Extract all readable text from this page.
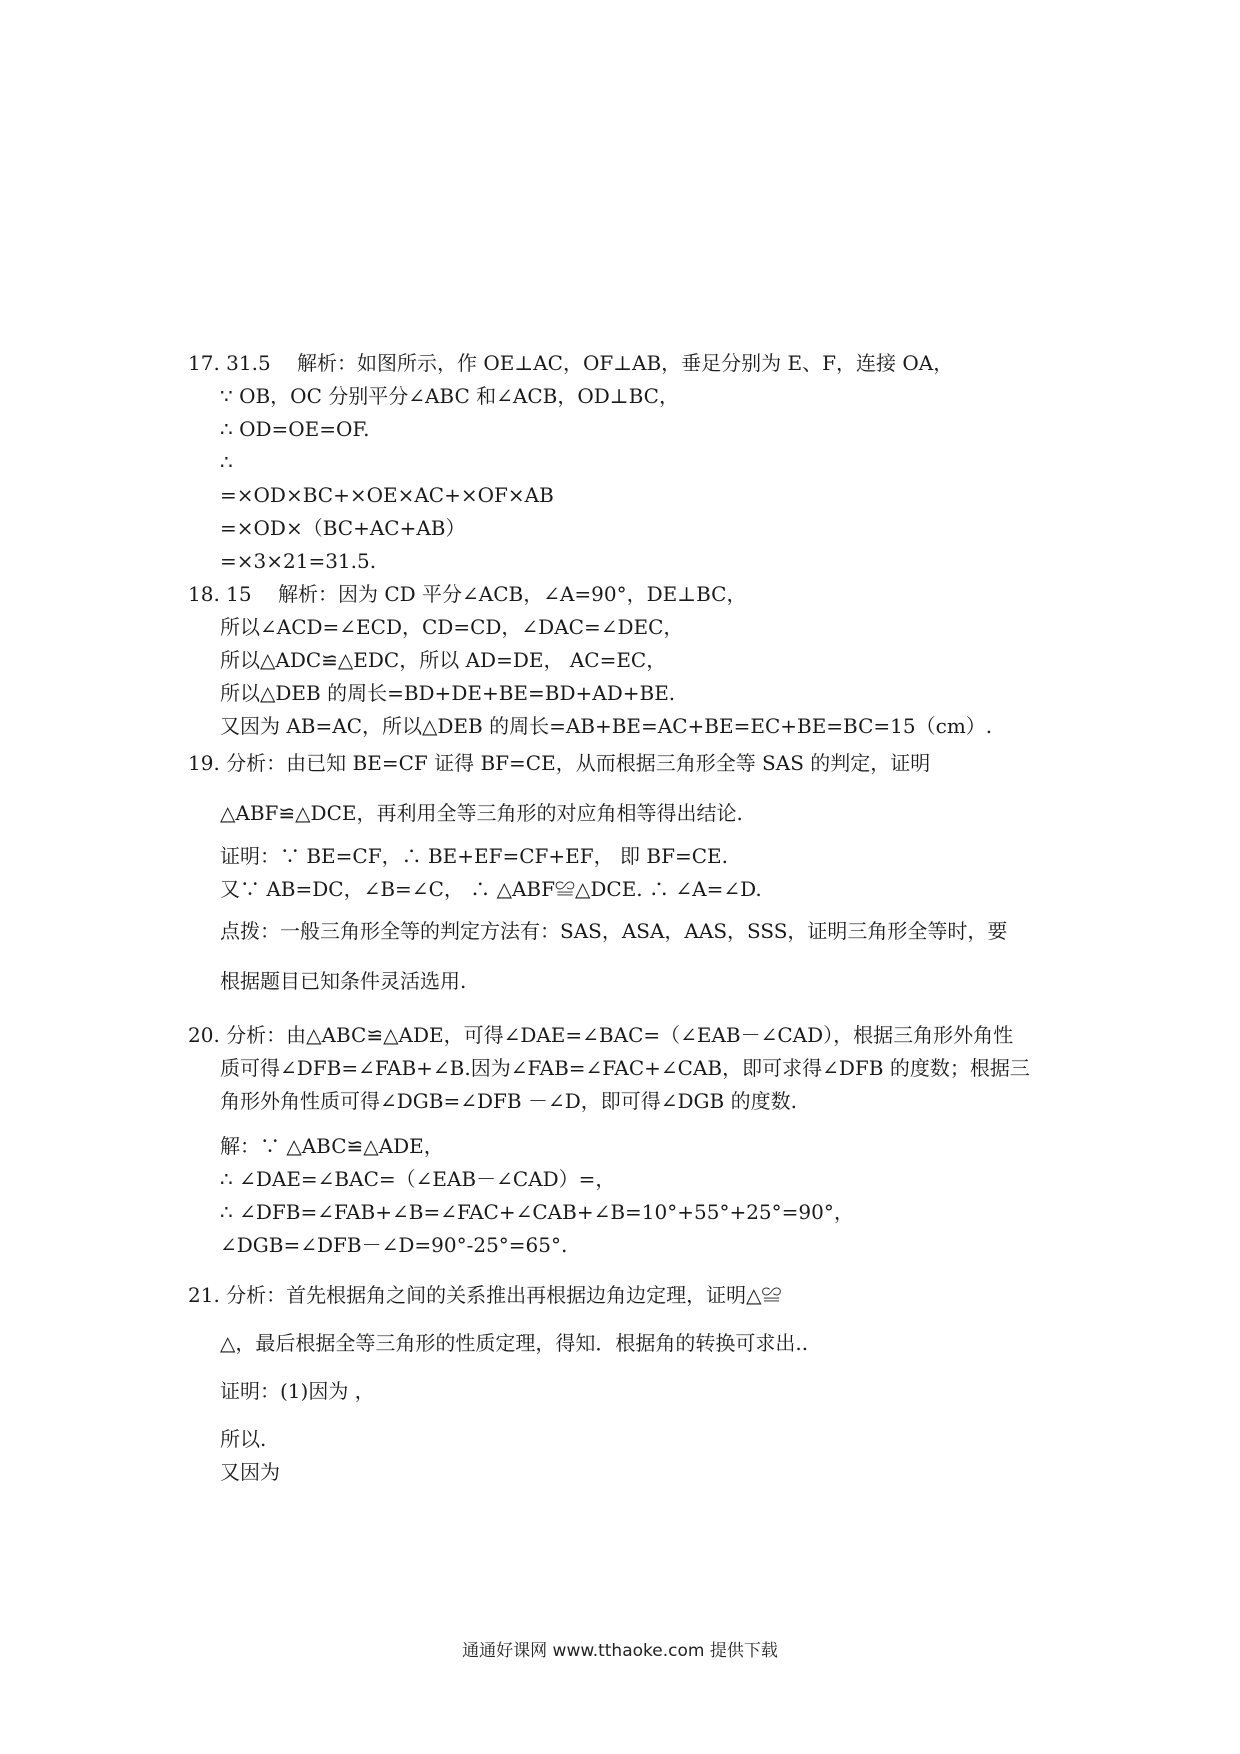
17. 31.5　 解析：如图所示，作 OE⊥AC，OF⊥AB，垂足分别为 E、F，连接 OA，
∵ OB，OC 分别平分∠ABC 和∠ACB，OD⊥BC，
∴ OD=OE=OF.
∴
=×OD×BC+×OE×AC+×OF×AB
=×OD×（BC+AC+AB）
=×3×21=31.5.
18. 15　 解析：因为 CD 平分∠ACB，∠A=90°，DE⊥BC，
所以∠ACD=∠ECD，CD=CD，∠DAC=∠DEC，
所以△ADC≌△EDC，所以 AD=DE， AC=EC，
所以△DEB 的周长=BD+DE+BE=BD+AD+BE.
又因为 AB=AC，所以△DEB 的周长=AB+BE=AC+BE=EC+BE=BC=15（cm）.
19. 分析：由已知 BE=CF 证得 BF=CE，从而根据三角形全等 SAS 的判定，证明
△ABF≌△DCE，再利用全等三角形的对应角相等得出结论.
证明：∵ BE=CF，∴ BE+EF=CF+EF， 即 BF=CE.
又∵ AB=DC，∠B=∠C， ∴ △ABF≌△DCE. ∴ ∠A=∠D.
点拨：一般三角形全等的判定方法有：SAS，ASA，AAS，SSS，证明三角形全等时，要
根据题目已知条件灵活选用.
20. 分析：由△ABC≌△ADE，可得∠DAE=∠BAC=（∠EAB－∠CAD），根据三角形外角性
质可得∠DFB=∠FAB+∠B.因为∠FAB=∠FAC+∠CAB，即可求得∠DFB 的度数；根据三
角形外角性质可得∠DGB=∠DFB －∠D，即可得∠DGB 的度数.
解：∵ △ABC≌△ADE，
∴ ∠DAE=∠BAC=（∠EAB－∠CAD）=，
∴ ∠DFB=∠FAB+∠B=∠FAC+∠CAB+∠B=10°+55°+25°=90°，
∠DGB=∠DFB－∠D=90°-25°=65°.
21. 分析：首先根据角之间的关系推出再根据边角边定理，证明△≌
△，最后根据全等三角形的性质定理，得知．根据角的转换可求出..
证明：(1)因为 ，
所以.
又因为
通通好课网 www.tthaoke.com 提供下载
